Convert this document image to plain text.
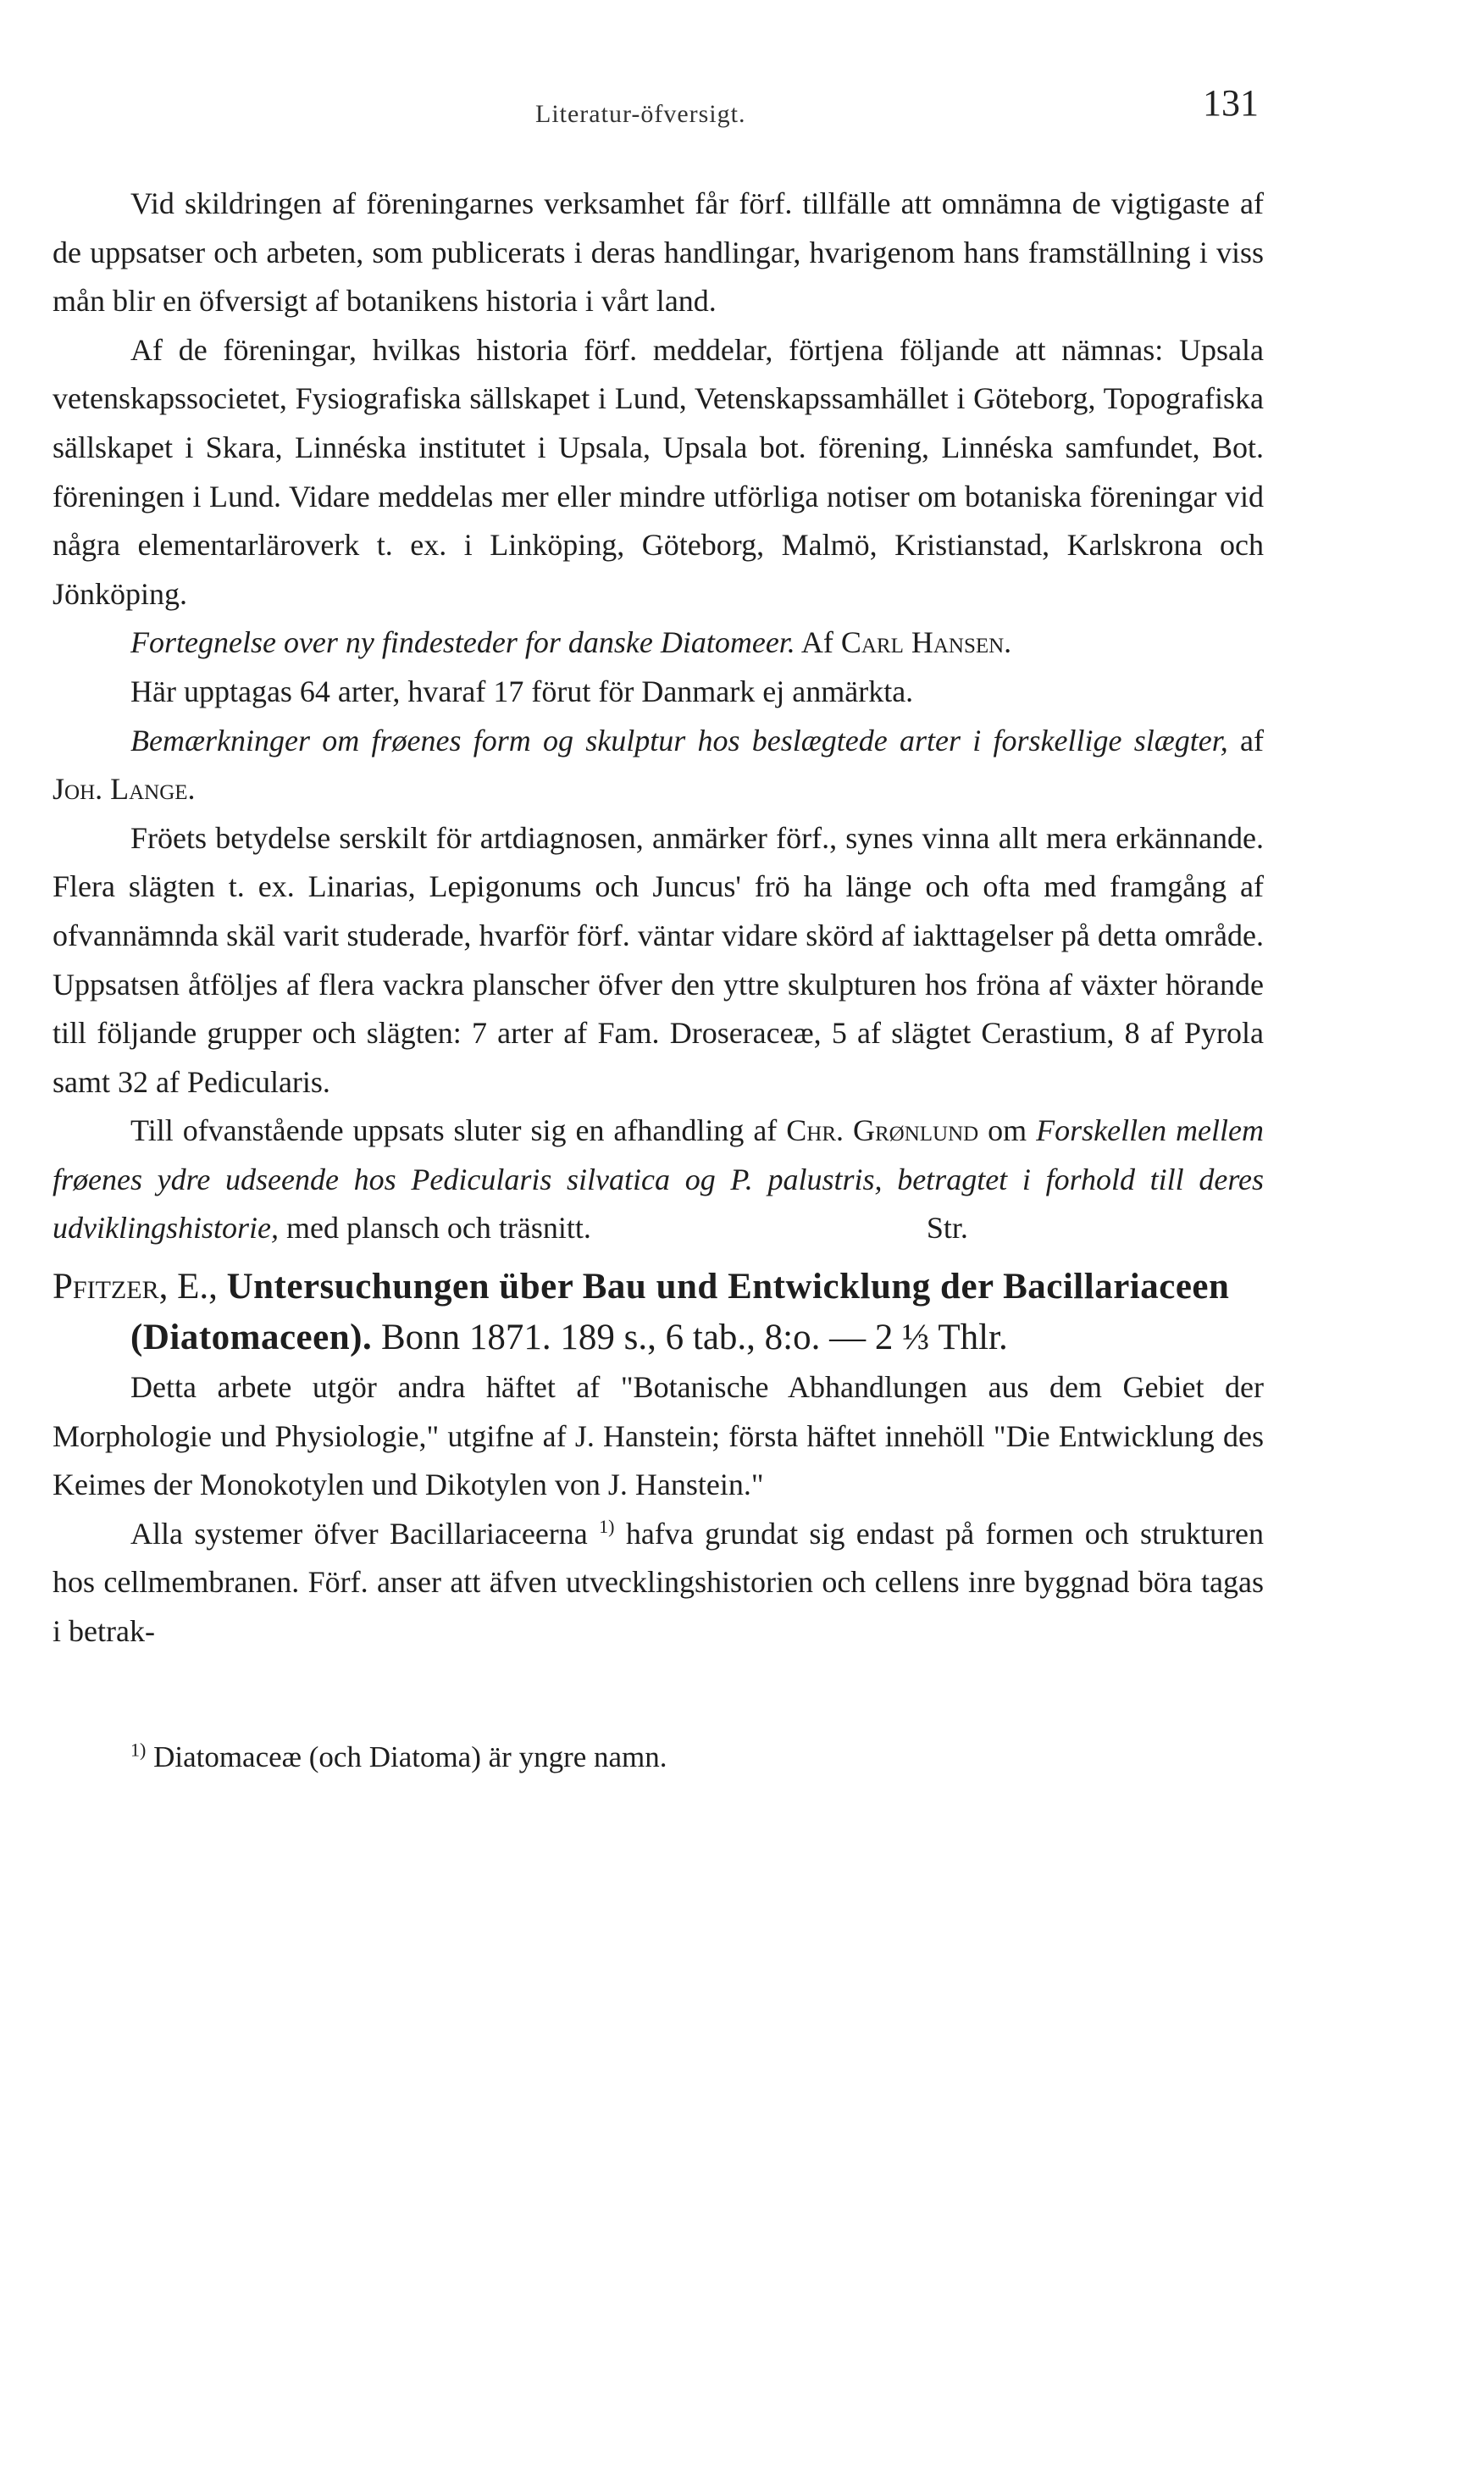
Literatur-öfversigt.	131

Vid skildringen af föreningarnes verksamhet får förf. tillfälle att omnämna de vigtigaste af de uppsatser och arbeten, som publicerats i deras handlingar, hvarigenom hans framställning i viss mån blir en öfversigt af botanikens historia i vårt land.

Af de föreningar, hvilkas historia förf. meddelar, förtjena följande att nämnas: Upsala vetenskapssocietet, Fysiografiska sällskapet i Lund, Vetenskapssamhället i Göteborg, Topografiska sällskapet i Skara, Linnéska institutet i Upsala, Upsala bot. förening, Linnéska samfundet, Bot. föreningen i Lund. Vidare meddelas mer eller mindre utförliga notiser om botaniska föreningar vid några elementarläroverk t. ex. i Linköping, Göteborg, Malmö, Kristianstad, Karlskrona och Jönköping.

Fortegnelse over ny findesteder for danske Diatomeer. Af Carl Hansen.

Här upptagas 64 arter, hvaraf 17 förut för Danmark ej anmärkta.

Bemærkninger om frøenes form og skulptur hos beslægtede arter i forskellige slægter, af Joh. Lange.

Fröets betydelse serskilt för artdiagnosen, anmärker förf., synes vinna allt mera erkännande. Flera slägten t. ex. Linarias, Lepigonums och Juncus' frö ha länge och ofta med framgång af ofvannämnda skäl varit studerade, hvarför förf. väntar vidare skörd af iakttagelser på detta område. Uppsatsen åtföljes af flera vackra planscher öfver den yttre skulpturen hos fröna af växter hörande till följande grupper och slägten: 7 arter af Fam. Droseraceæ, 5 af slägtet Cerastium, 8 af Pyrola samt 32 af Pedicularis.

Till ofvanstående uppsats sluter sig en afhandling af Chr. Grønlund om Forskellen mellem frøenes ydre udseende hos Pedicularis silvatica og P. palustris, betragtet i forhold till deres udviklingshistorie, med plansch och träsnitt.           	Str.

Pfitzer, E., Untersuchungen über Bau und Entwicklung der Bacillariaceen (Diatomaceen). Bonn 1871. 189 s., 6 tab., 8:o. — 2 ⅓ Thlr.

Detta arbete utgör andra häftet af "Botanische Abhandlungen aus dem Gebiet der Morphologie und Physiologie," utgifne af J. Hanstein; första häftet innehöll "Die Entwicklung des Keimes der Monokotylen und Dikotylen von J. Hanstein."

Alla systemer öfver Bacillariaceerna $^{1)}$ hafva grundat sig endast på formen och strukturen hos cellmembranen. Förf. anser att äfven utvecklingshistorien och cellens inre byggnad böra tagas i betrak-

$^{1)}$ Diatomaceæ (och Diatoma) är yngre namn.
